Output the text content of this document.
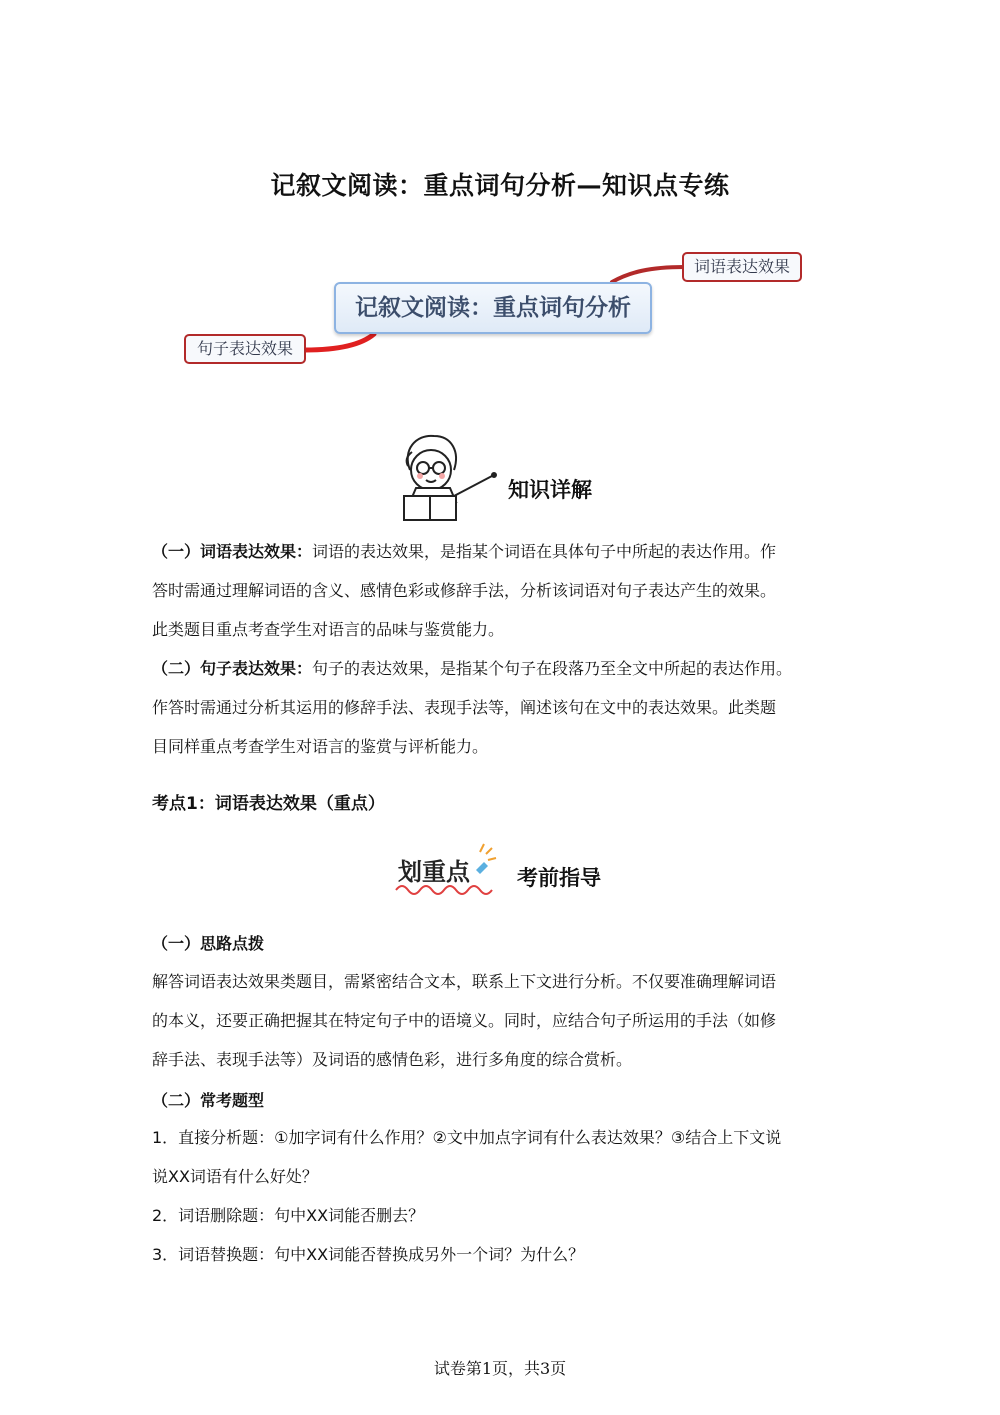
记叙文阅读：重点词句分析—知识点专练
记叙文阅读：重点词句分析
词语表达效果
句子表达效果
知识详解
（一）词语表达效果：词语的表达效果，是指某个词语在具体句子中所起的表达作用。作
答时需通过理解词语的含义、感情色彩或修辞手法，分析该词语对句子表达产生的效果。
此类题目重点考查学生对语言的品味与鉴赏能力。
（二）句子表达效果：句子的表达效果，是指某个句子在段落乃至全文中所起的表达作用。
作答时需通过分析其运用的修辞手法、表现手法等，阐述该句在文中的表达效果。此类题
目同样重点考查学生对语言的鉴赏与评析能力。
考点1：词语表达效果（重点）
划重点 考前指导
（一）思路点拨
解答词语表达效果类题目，需紧密结合文本，联系上下文进行分析。不仅要准确理解词语
的本义，还要正确把握其在特定句子中的语境义。同时，应结合句子所运用的手法（如修
辞手法、表现手法等）及词语的感情色彩，进行多角度的综合赏析。
（二）常考题型
1．直接分析题：①加字词有什么作用？②文中加点字词有什么表达效果？③结合上下文说
说XX词语有什么好处？
2．词语删除题：句中XX词能否删去？
3．词语替换题：句中XX词能否替换成另外一个词？为什么？
试卷第1页，共3页
